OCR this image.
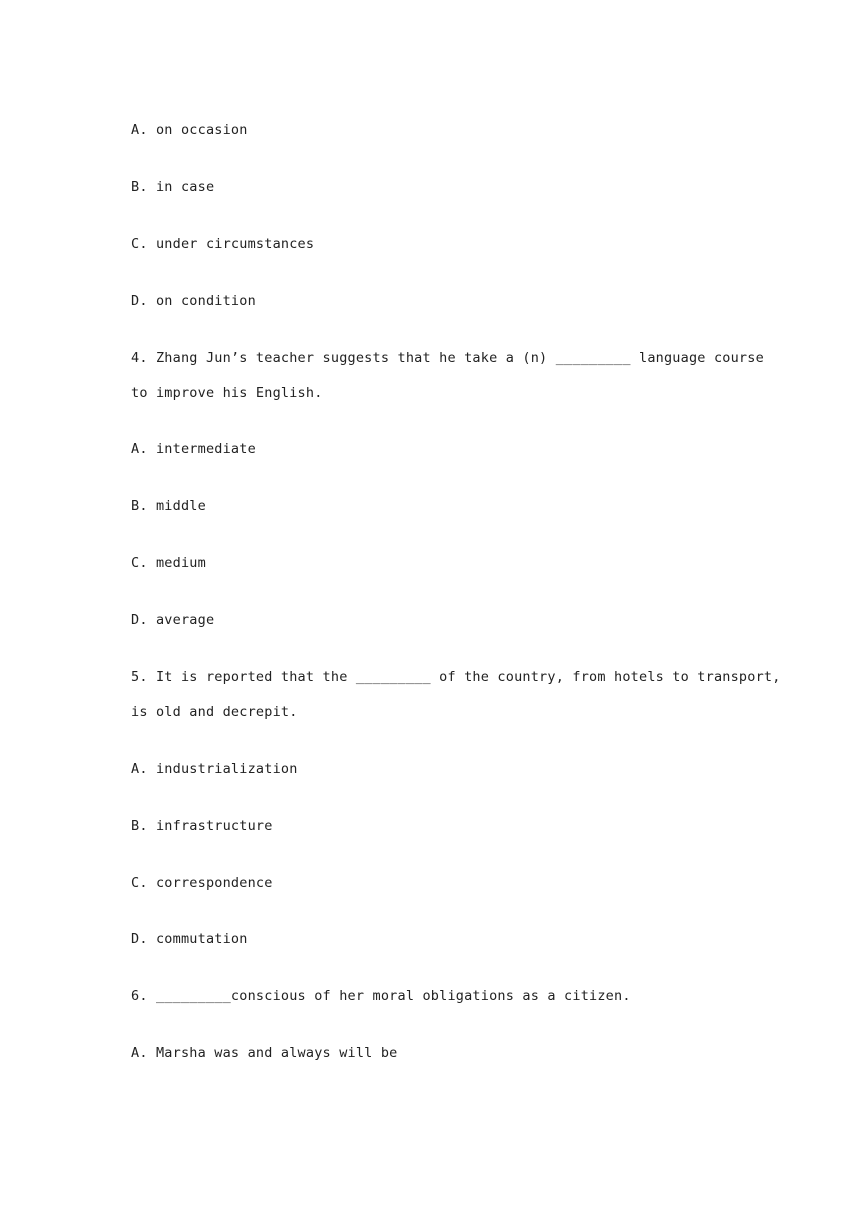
A. on occasion
B. in case
C. under circumstances
D. on condition
4. Zhang Jun’s teacher suggests that he take a (n) _________ language course
to improve his English.
A. intermediate
B. middle
C. medium
D. average
5. It is reported that the _________ of the country, from hotels to transport,
is old and decrepit.
A. industrialization
B. infrastructure
C. correspondence
D. commutation
6. _________conscious of her moral obligations as a citizen.
A. Marsha was and always will be
